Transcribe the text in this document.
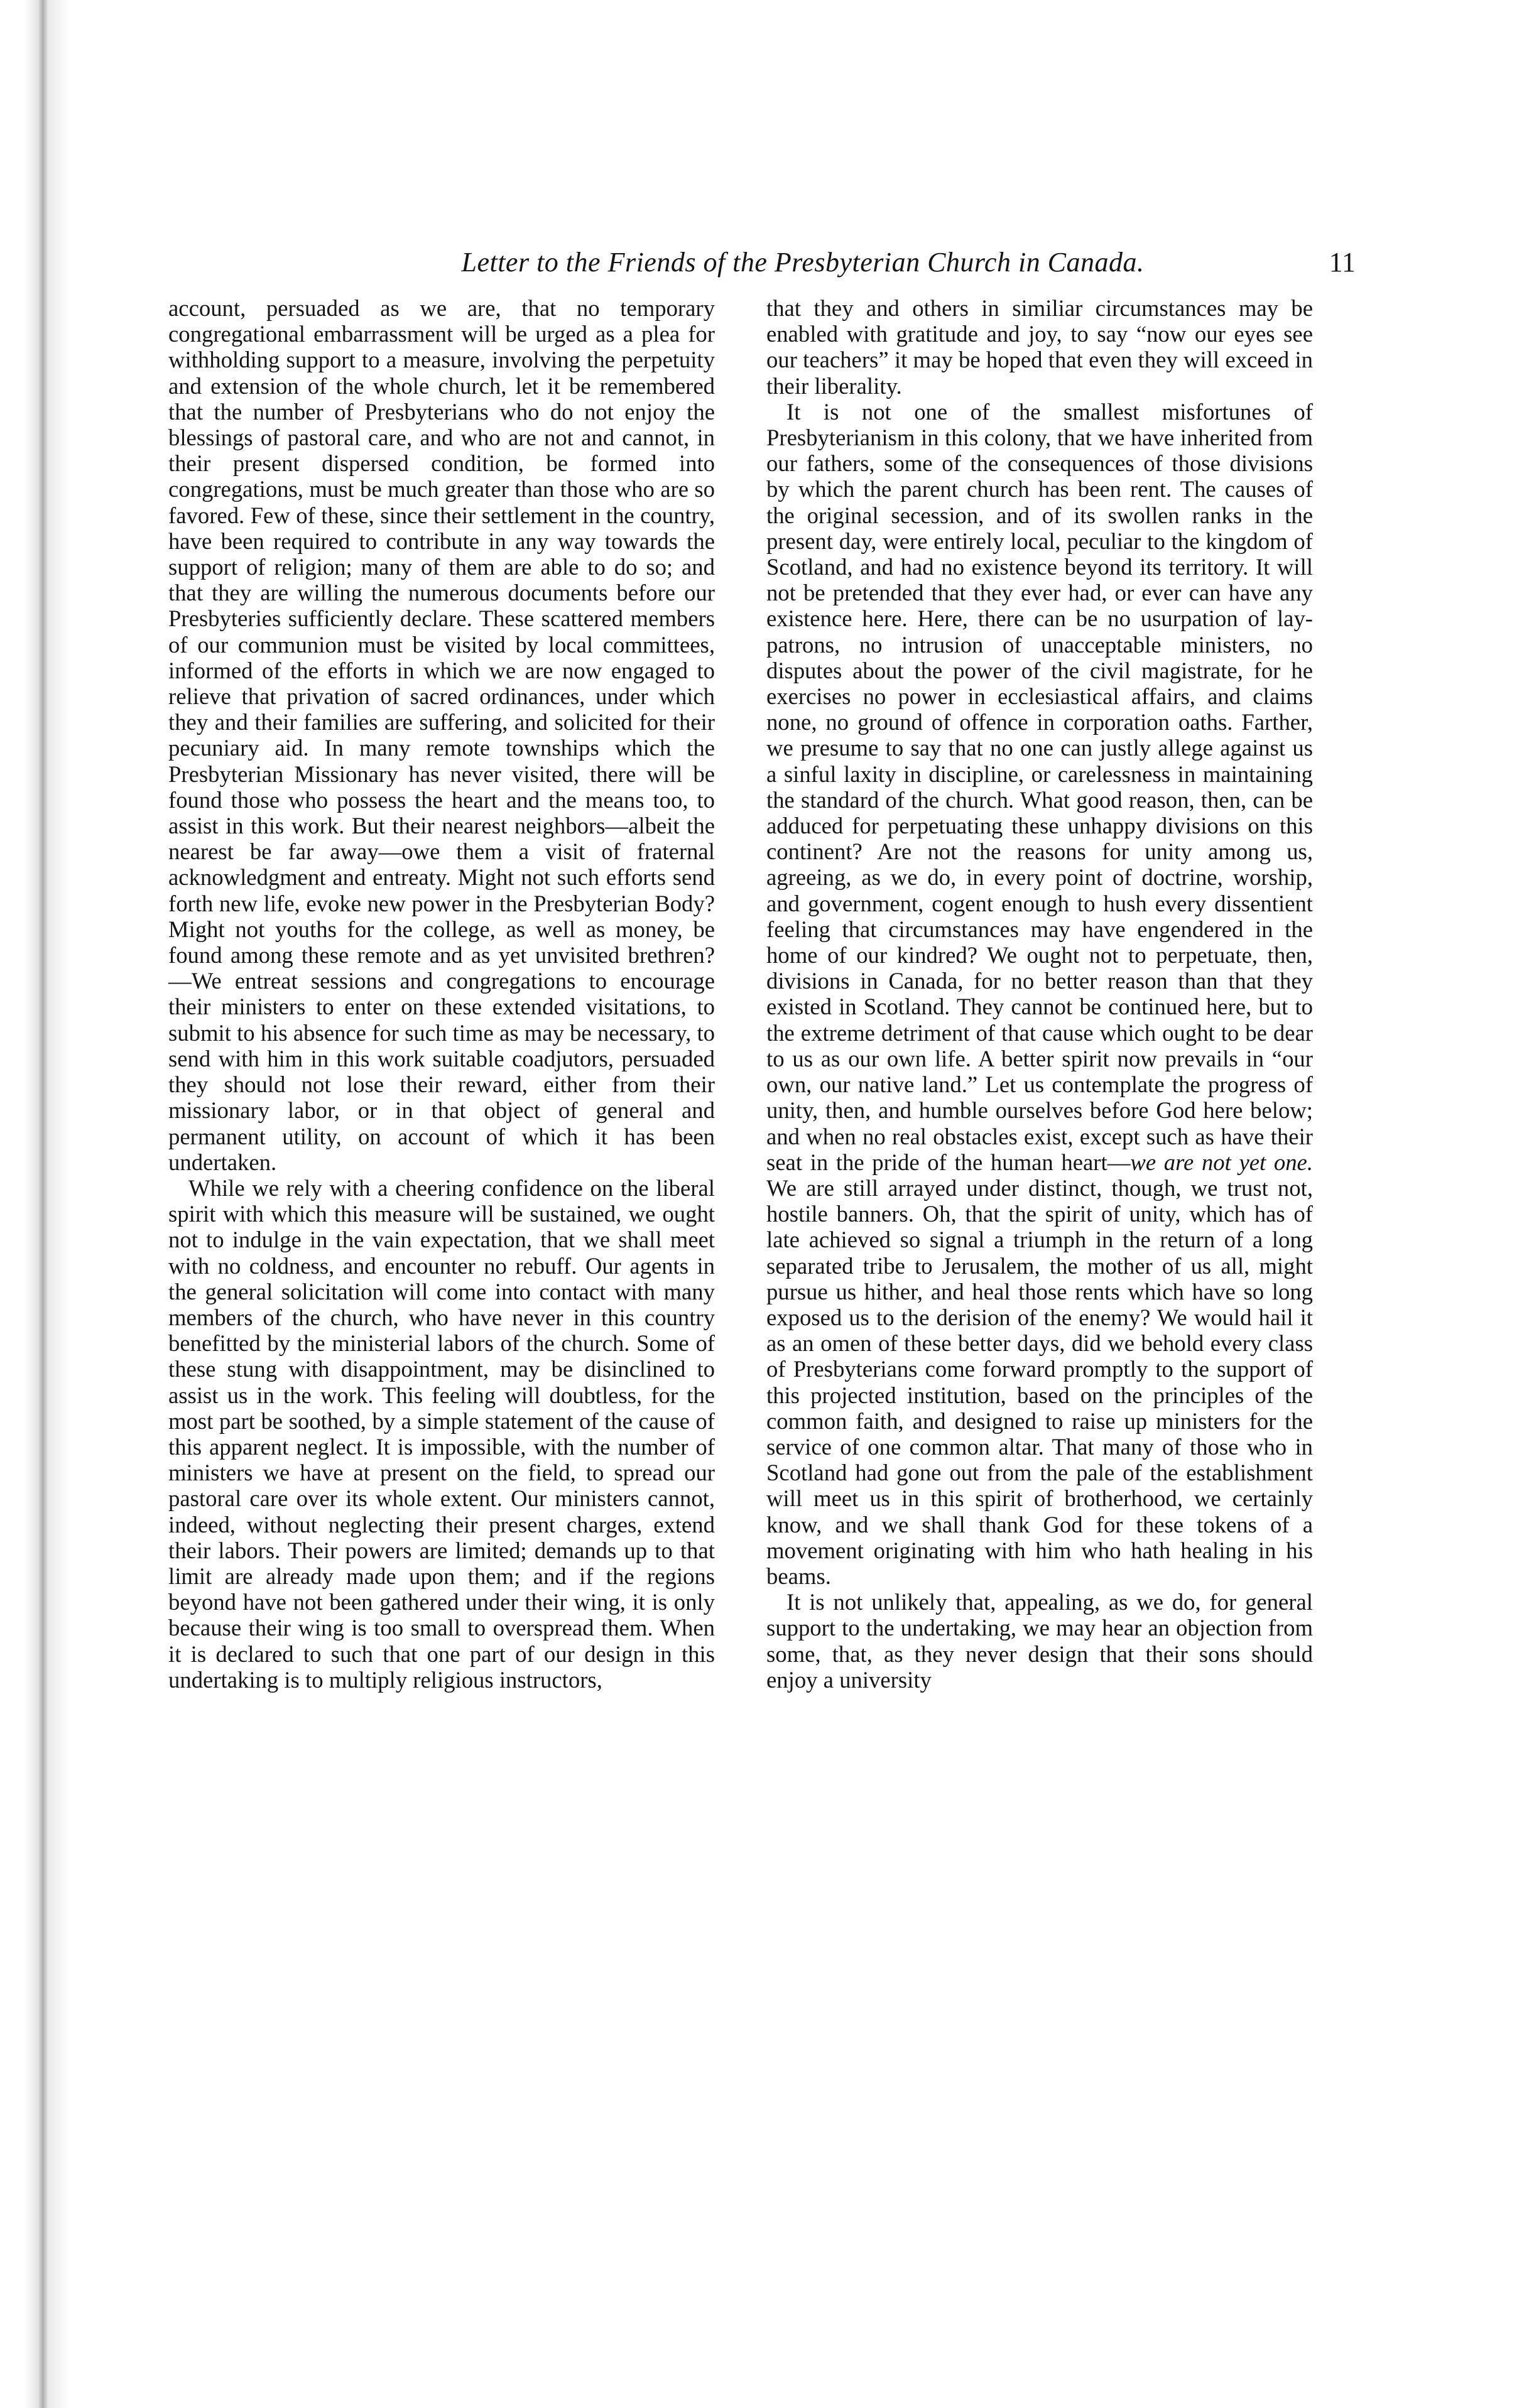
Letter to the Friends of the Presbyterian Church in Canada.	11

account, persuaded as we are, that no temporary congregational embarrassment will be urged as a plea for withholding support to a measure, involving the perpetuity and extension of the whole church, let it be remembered that the number of Presbyterians who do not enjoy the blessings of pastoral care, and who are not and cannot, in their present dispersed condition, be formed into congregations, must be much greater than those who are so favored. Few of these, since their settlement in the country, have been required to contribute in any way towards the support of religion; many of them are able to do so; and that they are willing the numerous documents before our Presbyteries sufficiently declare. These scattered members of our communion must be visited by local committees, informed of the efforts in which we are now engaged to relieve that privation of sacred ordinances, under which they and their families are suffering, and solicited for their pecuniary aid. In many remote townships which the Presbyterian Missionary has never visited, there will be found those who possess the heart and the means too, to assist in this work. But their nearest neighbors—albeit the nearest be far away—owe them a visit of fraternal acknowledgment and entreaty. Might not such efforts send forth new life, evoke new power in the Presbyterian Body? Might not youths for the college, as well as money, be found among these remote and as yet unvisited brethren?—We entreat sessions and congregations to encourage their ministers to enter on these extended visitations, to submit to his absence for such time as may be necessary, to send with him in this work suitable coadjutors, persuaded they should not lose their reward, either from their missionary labor, or in that object of general and permanent utility, on account of which it has been undertaken.

While we rely with a cheering confidence on the liberal spirit with which this measure will be sustained, we ought not to indulge in the vain expectation, that we shall meet with no coldness, and encounter no rebuff. Our agents in the general solicitation will come into contact with many members of the church, who have never in this country benefitted by the ministerial labors of the church. Some of these stung with disappointment, may be disinclined to assist us in the work. This feeling will doubtless, for the most part be soothed, by a simple statement of the cause of this apparent neglect. It is impossible, with the number of ministers we have at present on the field, to spread our pastoral care over its whole extent. Our ministers cannot, indeed, without neglecting their present charges, extend their labors. Their powers are limited; demands up to that limit are already made upon them; and if the regions beyond have not been gathered under their wing, it is only because their wing is too small to overspread them. When it is declared to such that one part of our design in this undertaking is to multiply religious instructors,

that they and others in similiar circumstances may be enabled with gratitude and joy, to say “now our eyes see our teachers” it may be hoped that even they will exceed in their liberality.

It is not one of the smallest misfortunes of Presbyterianism in this colony, that we have inherited from our fathers, some of the consequences of those divisions by which the parent church has been rent. The causes of the original secession, and of its swollen ranks in the present day, were entirely local, peculiar to the kingdom of Scotland, and had no existence beyond its territory. It will not be pretended that they ever had, or ever can have any existence here. Here, there can be no usurpation of lay-patrons, no intrusion of unacceptable ministers, no disputes about the power of the civil magistrate, for he exercises no power in ecclesiastical affairs, and claims none, no ground of offence in corporation oaths. Farther, we presume to say that no one can justly allege against us a sinful laxity in discipline, or carelessness in maintaining the standard of the church. What good reason, then, can be adduced for perpetuating these unhappy divisions on this continent? Are not the reasons for unity among us, agreeing, as we do, in every point of doctrine, worship, and government, cogent enough to hush every dissentient feeling that circumstances may have engendered in the home of our kindred? We ought not to perpetuate, then, divisions in Canada, for no better reason than that they existed in Scotland. They cannot be continued here, but to the extreme detriment of that cause which ought to be dear to us as our own life. A better spirit now prevails in “our own, our native land.” Let us contemplate the progress of unity, then, and humble ourselves before God here below; and when no real obstacles exist, except such as have their seat in the pride of the human heart—we are not yet one. We are still arrayed under distinct, though, we trust not, hostile banners. Oh, that the spirit of unity, which has of late achieved so signal a triumph in the return of a long separated tribe to Jerusalem, the mother of us all, might pursue us hither, and heal those rents which have so long exposed us to the derision of the enemy? We would hail it as an omen of these better days, did we behold every class of Presbyterians come forward promptly to the support of this projected institution, based on the principles of the common faith, and designed to raise up ministers for the service of one common altar. That many of those who in Scotland had gone out from the pale of the establishment will meet us in this spirit of brotherhood, we certainly know, and we shall thank God for these tokens of a movement originating with him who hath healing in his beams.

It is not unlikely that, appealing, as we do, for general support to the undertaking, we may hear an objection from some, that, as they never design that their sons should enjoy a university
